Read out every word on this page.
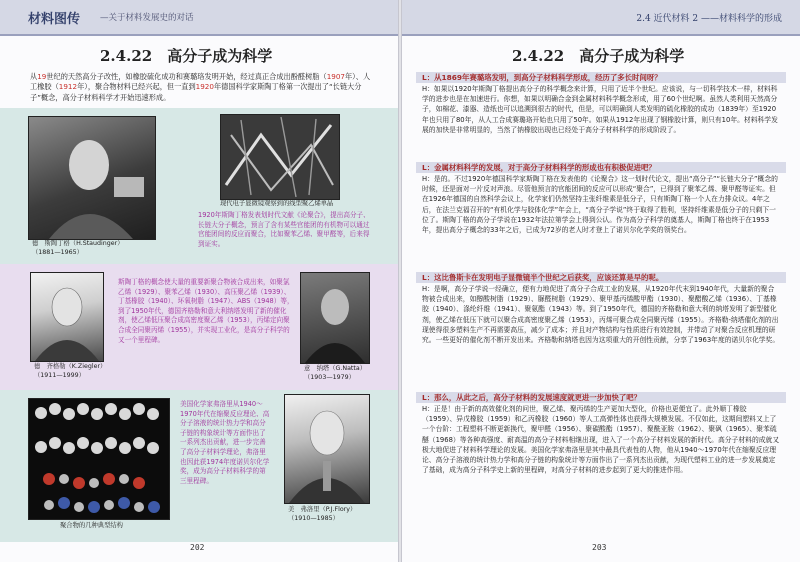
材料图传 —关于材料发展史的对话
2.4.22　高分子成为科学

从19世纪的天然高分子改性，如橡胶硫化成功和赛璐珞发明开始，经过真正合成出酚醛树脂（1907年）、人工橡胶（1912年），聚合物材料已经兴起，但一直到1920年德国科学家斯陶丁格第一次提出了“长链大分子”概念，高分子材料科学才开始迅速形成。

德　斯陶丁格（H.Staudinger）
（1881—1965）
现代电子显微镜观察到的线型聚乙烯单晶
1920年斯陶丁格发表划时代文献《论聚合》，提出高分子、长链大分子概念，预言了含有某些官能团的有机物可以通过官能团间的反应而聚合，比如聚苯乙烯、聚甲醛等，后来得到证实。
德　齐格勒（K.Ziegler）
（1911—1999）
斯陶丁格的概念使大量的重要新聚合物被合成出来，如聚氯乙烯（1929）、聚苯乙烯（1930）、高压聚乙烯（1939）、丁基橡胶（1940）、环氧树脂（1947）、ABS（1948）等，到了1950年代，德国齐格勒和意大利纳塔发明了新的催化剂，使乙烯低压聚合成高密度聚乙烯（1953），丙烯定向聚合成全同聚丙烯（1955），并实现工业化，是高分子科学的又一个里程碑。
意　纳塔（G.Natta）
（1903—1979）
聚合物的几种典型结构
美国化学家弗洛里从1940～1970年代在缩聚反应理论、高分子溶液的统计热力学和高分子链的构象统计等方面作出了一系列杰出贡献，进一步完善了高分子材料学理论，弗洛里也因此获1974年度诺贝尔化学奖，成为高分子材料科学的第三里程碑。
美　弗洛里（P.J.Flory）
（1910—1985）
202
2.4 近代材料 2 ——材料科学的形成
2.4.22　高分子成为科学
L：从1869年赛璐珞发明，到高分子材料科学形成，经历了多长时间呀？
H：如果以1920年斯陶丁格提出高分子的科学概念来计算，只用了近半个世纪。应该说，与一切科学技术一样，材料科学的进步也是在加速进行。你想，如果以明确合金到金属材料科学概念形成，用了60个世纪啊。虽然人类利用天然高分子，如棉花、漆器、造纸也可以追溯到很古的时代，但是，可以明确到人类发明的硫化橡胶的成功（1839年）至1920年也只用了80年，从人工合成赛璐珞开始也只用了50年。如果从1912年出现了钢橡胶计算，则只有10年。材料科学发展的加快是非常明显的，当然了钠橡胶出现也已经处于高分子材料科学的形成阶段了。
L：金属材料科学的发展，对于高分子材料科学的形成也有积极促进吧？
H：是的。不过1920年德国科学家斯陶丁格在发表他的《论聚合》这一划时代论文，提出“高分子”“长链大分子”概念的时候，还是面对一片反对声浪。尽管他预言的官能团间的反应可以形成“聚合”，已得到了聚苯乙烯、聚甲醛等证实。但在1926年德国的自然科学会议上，化学家们仍然坚持主张纤维素是低分子，只有斯陶丁格一个人在力排众议。4年之后，在法兰克福召开的“有机化学与胶体化学”年会上，“高分子学说”终于取得了胜利，坚持纤维素是低分子的只剩下一位了。斯陶丁格的高分子学说在1932年法拉第学会上得到公认。作为高分子科学的奠基人，斯陶丁格也终于在1953年，提出高分子概念的33年之后，已成为72岁的老人时才登上了诺贝尔化学奖的领奖台。
L：这比鲁斯卡在发明电子显微镜半个世纪之后获奖，应该还算是早的呢。
H：是啊，高分子学说一经确立，便有力地促进了高分子合成工业的发展，从1920年代末到1940年代，大量新的聚合物被合成出来，如醇酸树脂（1929）、脲醛树脂（1929）、聚甲基丙烯酸甲酯（1930）、聚醋酸乙烯（1936）、丁基橡胶（1940）、涤纶纤维（1941）、聚氨酯（1943）等。到了1950年代，德国的齐格勒和意大利的纳塔发明了新型催化剂，使乙烯在低压下就可以聚合成高密度聚乙烯（1953），丙烯可聚合成全同聚丙烯（1955）。齐格勒-纳塔催化剂的出现使得很多塑料生产不再需要高压，减少了成本；并且对产物结构与性质进行有效控制，并带动了对聚合反应机理的研究。一些更好的催化剂不断开发出来。齐格勒和纳塔也因为这项重大的开创性贡献，分享了1963年度的诺贝尔化学奖。
L：那么，从此之后，高分子材料的发展速度就更进一步加快了吧？
H：正是！由于新的高效催化剂的问世，聚乙烯、聚丙烯的生产更加大型化，价格也更便宜了。此外顺丁橡胶（1959）、异戊橡胶（1959）和乙丙橡胶（1960）等人工高弹性体也获得大规模发展。不仅如此，这期间塑料又上了一个台阶：工程塑料不断更新换代，聚甲醛（1956）、聚碳酸酯（1957）、聚酰亚胺（1962）、聚砜（1965）、聚苯硫醚（1968）等各种高强度、耐高温的高分子材料相继出现，进入了一个高分子材料发展的新时代。高分子材料的成就又极大地促进了材料科学理论的发展。美国化学家弗洛里是其中最具代表性的人物，他从1940～1970年代在缩聚反应理论、高分子溶液的统计热力学和高分子链的构象统计等方面作出了一系列杰出贡献，为现代塑料工业的进一步发展奠定了基础，成为高分子科学史上新的里程碑，对高分子材料的进步起到了更大的推进作用。
203
